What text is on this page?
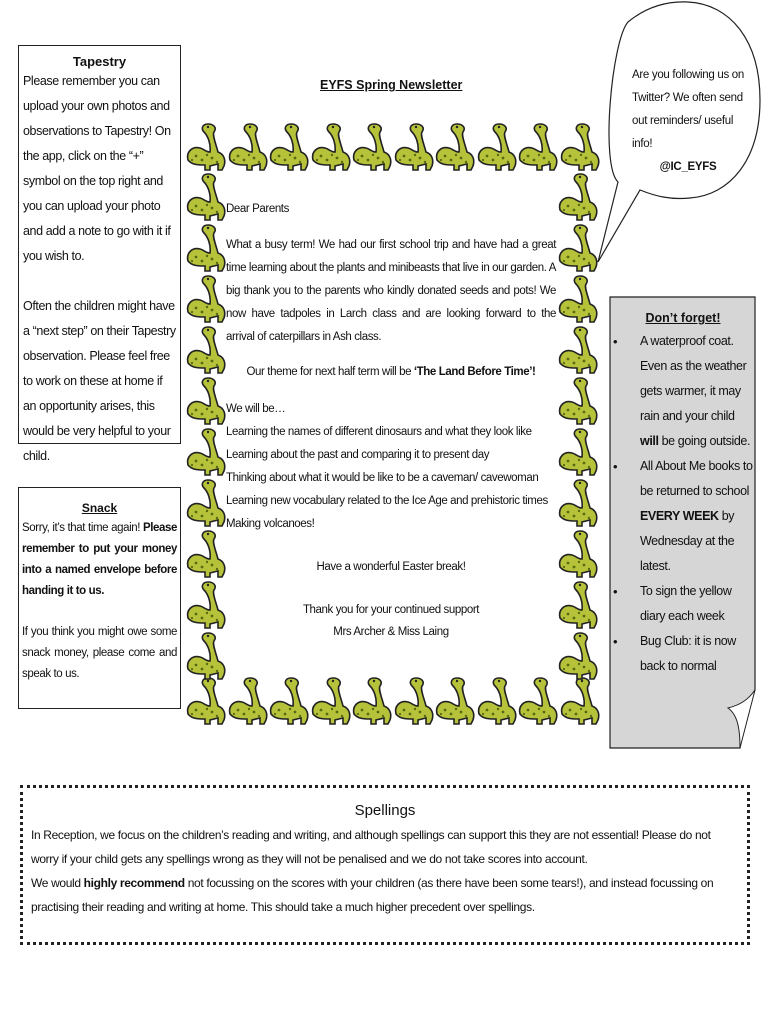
Tapestry

Please remember you can upload your own photos and observations to Tapestry! On the app, click on the “+” symbol on the top right and you can upload your photo and add a note to go with it if you wish to.

Often the children might have a “next step” on their Tapestry observation. Please feel free to work on these at home if an opportunity arises, this would be very helpful to your child.

Snack

Sorry, it’s that time again! Please remember to put your money into a named envelope before handing it to us.

If you think you might owe some snack money, please come and speak to us.

Are you following us on Twitter? We often send out reminders/ useful info!
@IC_EYFS
Don’t forget!
• A waterproof coat. Even as the weather gets warmer, it may rain and your child will be going outside.
• All About Me books to be returned to school EVERY WEEK by Wednesday at the latest.
• To sign the yellow diary each week
• Bug Club: it is now back to normal
EYFS Spring Newsletter

Dear Parents

What a busy term! We had our first school trip and have had a great time learning about the plants and minibeasts that live in our garden. A big thank you to the parents who kindly donated seeds and pots! We now have tadpoles in Larch class and are looking forward to the arrival of caterpillars in Ash class.

Our theme for next half term will be ‘The Land Before Time’!

We will be…

Learning the names of different dinosaurs and what they look like

Learning about the past and comparing it to present day

Thinking about what it would be like to be a caveman/ cavewoman

Learning new vocabulary related to the Ice Age and prehistoric times

Making volcanoes!

Have a wonderful Easter break!

Thank you for your continued support

Mrs Archer & Miss Laing

Spellings

In Reception, we focus on the children’s reading and writing, and although spellings can support this they are not essential! Please do not worry if your child gets any spellings wrong as they will not be penalised and we do not take scores into account.

We would highly recommend not focussing on the scores with your children (as there have been some tears!), and instead focussing on practising their reading and writing at home. This should take a much higher precedent over spellings.
